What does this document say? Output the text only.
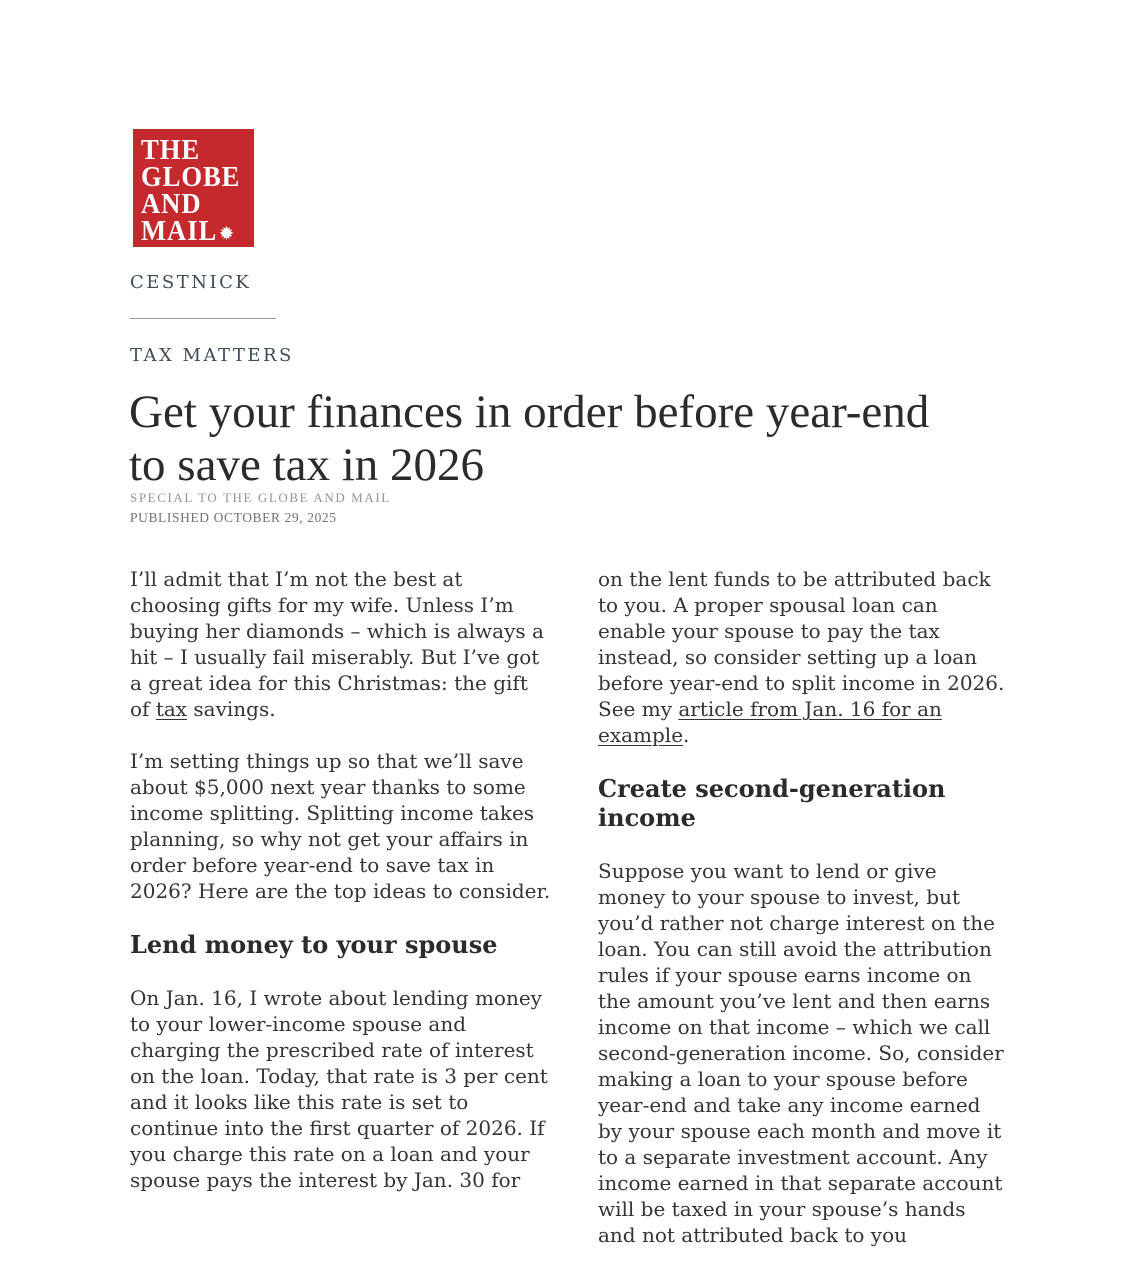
THE
GLOBE
AND
MAIL
CESTNICK
TAX MATTERS
Get your finances in order before year-end to save tax in 2026
SPECIAL TO THE GLOBE AND MAIL
PUBLISHED OCTOBER 29, 2025

I’ll admit that I’m not the best at choosing gifts for my wife. Unless I’m buying her diamonds – which is always a hit – I usually fail miserably. But I’ve got a great idea for this Christmas: the gift of tax savings.

I’m setting things up so that we’ll save about $5,000 next year thanks to some income splitting. Splitting income takes planning, so why not get your affairs in order before year-end to save tax in 2026? Here are the top ideas to consider.

Lend money to your spouse

On Jan. 16, I wrote about lending money to your lower-income spouse and charging the prescribed rate of interest on the loan. Today, that rate is 3 per cent and it looks like this rate is set to continue into the first quarter of 2026. If you charge this rate on a loan and your spouse pays the interest by Jan. 30 for

on the lent funds to be attributed back to you. A proper spousal loan can enable your spouse to pay the tax instead, so consider setting up a loan before year-end to split income in 2026. See my article from Jan. 16 for an example.

Create second-generation income

Suppose you want to lend or give money to your spouse to invest, but you’d rather not charge interest on the loan. You can still avoid the attribution rules if your spouse earns income on the amount you’ve lent and then earns income on that income – which we call second-generation income. So, consider making a loan to your spouse before year-end and take any income earned by your spouse each month and move it to a separate investment account. Any income earned in that separate account will be taxed in your spouse’s hands and not attributed back to you
